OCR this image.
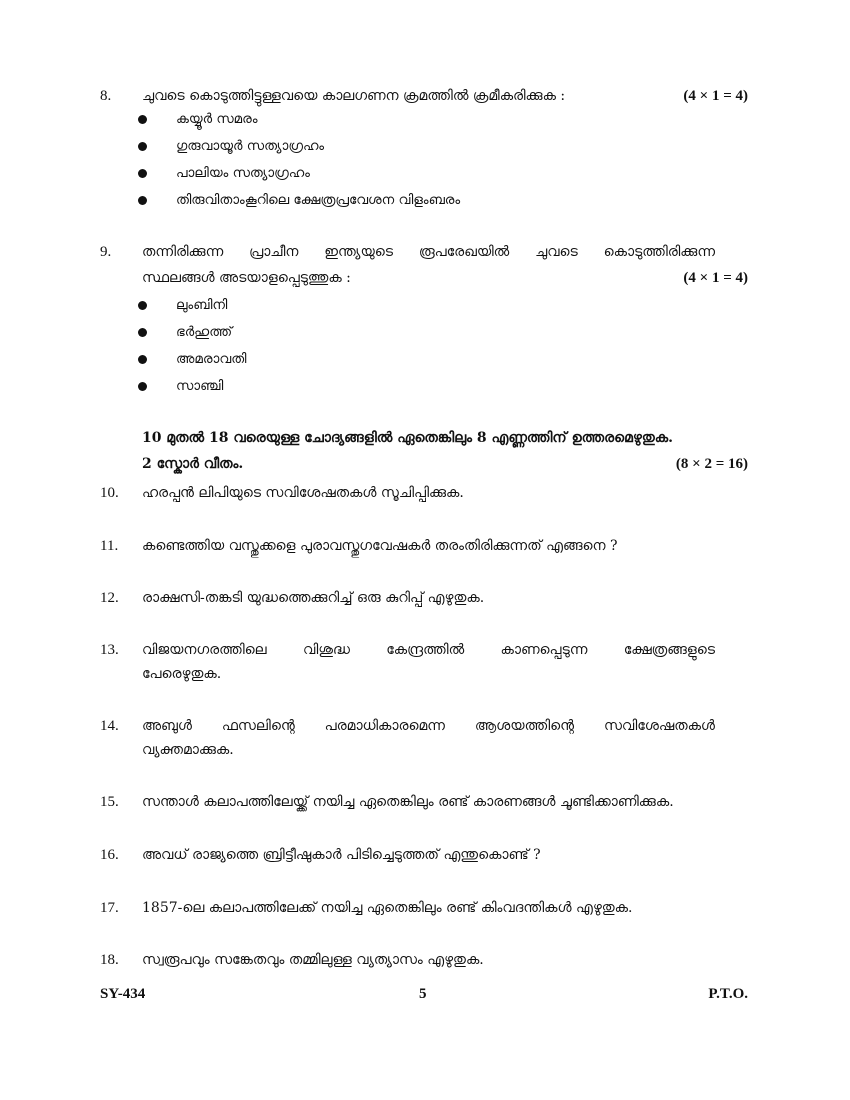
8.	ചുവടെ കൊടുത്തിട്ടുള്ളവയെ കാലഗണന ക്രമത്തിൽ ക്രമീകരിക്കുക :	(4 × 1 = 4)
കയ്യൂർ സമരം
ഗുരുവായൂർ സത്യാഗ്രഹം
പാലിയം സത്യാഗ്രഹം
തിരുവിതാംകൂറിലെ ക്ഷേത്രപ്രവേശന വിളംബരം
9.	തന്നിരിക്കുന്ന പ്രാചീന ഇന്ത്യയുടെ രൂപരേഖയിൽ ചുവടെ കൊടുത്തിരിക്കുന്ന
സ്ഥലങ്ങൾ അടയാളപ്പെടുത്തുക :	(4 × 1 = 4)
ലുംബിനി
ഭർഹുത്ത്
അമരാവതി
സാഞ്ചി
10 മുതൽ 18 വരെയുള്ള ചോദ്യങ്ങളിൽ ഏതെങ്കിലും 8 എണ്ണത്തിന് ഉത്തരമെഴുതുക.
2 സ്കോർ വീതം.	(8 × 2 = 16)
10.	ഹരപ്പൻ ലിപിയുടെ സവിശേഷതകൾ സൂചിപ്പിക്കുക.
11.	കണ്ടെത്തിയ വസ്തുക്കളെ പുരാവസ്തുഗവേഷകർ തരംതിരിക്കുന്നത് എങ്ങനെ ?
12.	രാക്ഷസി-തങ്കടി യുദ്ധത്തെക്കുറിച്ച് ഒരു കുറിപ്പ് എഴുതുക.
13.	വിജയനഗരത്തിലെ വിശുദ്ധ കേന്ദ്രത്തിൽ കാണപ്പെടുന്ന ക്ഷേത്രങ്ങളുടെ
പേരെഴുതുക.
14.	അബുൾ ഫസലിന്റെ പരമാധികാരമെന്ന ആശയത്തിന്റെ സവിശേഷതകൾ
വ്യക്തമാക്കുക.
15.	സന്താൾ കലാപത്തിലേയ്ക്ക് നയിച്ച ഏതെങ്കിലും രണ്ട് കാരണങ്ങൾ ചൂണ്ടിക്കാണിക്കുക.
16.	അവധ് രാജ്യത്തെ ബ്രിട്ടീഷുകാർ പിടിച്ചെടുത്തത് എന്തുകൊണ്ട് ?
17.	1857-ലെ കലാപത്തിലേക്ക് നയിച്ച ഏതെങ്കിലും രണ്ട് കിംവദന്തികൾ എഴുതുക.
18.	സ്വരൂപവും സങ്കേതവും തമ്മിലുള്ള വ്യത്യാസം എഴുതുക.
SY-434	5	P.T.O.
